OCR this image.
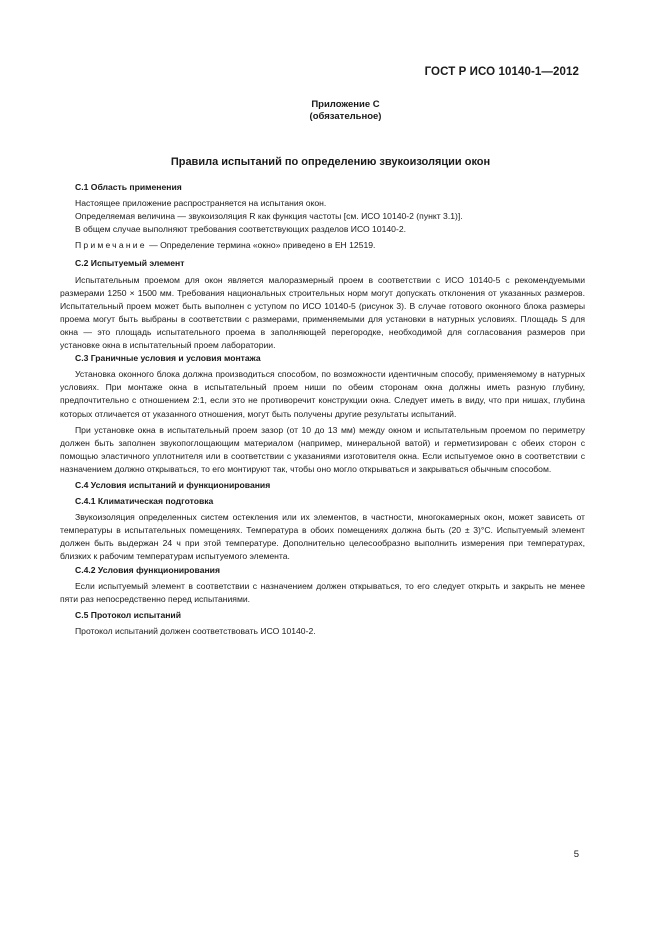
ГОСТ Р ИСО 10140-1—2012
Приложение С
(обязательное)
Правила испытаний по определению звукоизоляции окон
С.1 Область применения

Настоящее приложение распространяется на испытания окон.

Определяемая величина — звукоизоляция R как функция частоты [см. ИСО 10140-2 (пункт 3.1)].

В общем случае выполняют требования соответствующих разделов ИСО 10140-2.

Примечание — Определение термина «окно» приведено в ЕН 12519.

С.2 Испытуемый элемент

Испытательным проемом для окон является малоразмерный проем в соответствии с ИСО 10140-5 с рекомендуемыми размерами 1250 × 1500 мм. Требования национальных строительных норм могут допускать отклонения от указанных размеров. Испытательный проем может быть выполнен с уступом по ИСО 10140-5 (рисунок 3). В случае готового оконного блока размеры проема могут быть выбраны в соответствии с размерами, применяемыми для установки в натурных условиях. Площадь S для окна — это площадь испытательного проема в заполняющей перегородке, необходимой для согласования размеров при установке окна в испытательный проем лаборатории.

С.3 Граничные условия и условия монтажа

Установка оконного блока должна производиться способом, по возможности идентичным способу, применяемому в натурных условиях. При монтаже окна в испытательный проем ниши по обеим сторонам окна должны иметь разную глубину, предпочтительно с отношением 2:1, если это не противоречит конструкции окна. Следует иметь в виду, что при нишах, глубина которых отличается от указанного отношения, могут быть получены другие результаты испытаний.

При установке окна в испытательный проем зазор (от 10 до 13 мм) между окном и испытательным проемом по периметру должен быть заполнен звукопоглощающим материалом (например, минеральной ватой) и герметизирован с обеих сторон с помощью эластичного уплотнителя или в соответствии с указаниями изготовителя окна. Если испытуемое окно в соответствии с назначением должно открываться, то его монтируют так, чтобы оно могло открываться и закрываться обычным способом.

С.4 Условия испытаний и функционирования
С.4.1 Климатическая подготовка

Звукоизоляция определенных систем остекления или их элементов, в частности, многокамерных окон, может зависеть от температуры в испытательных помещениях. Температура в обоих помещениях должна быть (20 ± 3)°С. Испытуемый элемент должен быть выдержан 24 ч при этой температуре. Дополнительно целесообразно выполнить измерения при температурах, близких к рабочим температурам испытуемого элемента.

С.4.2 Условия функционирования

Если испытуемый элемент в соответствии с назначением должен открываться, то его следует открыть и закрыть не менее пяти раз непосредственно перед испытаниями.

С.5 Протокол испытаний

Протокол испытаний должен соответствовать ИСО 10140-2.

5
